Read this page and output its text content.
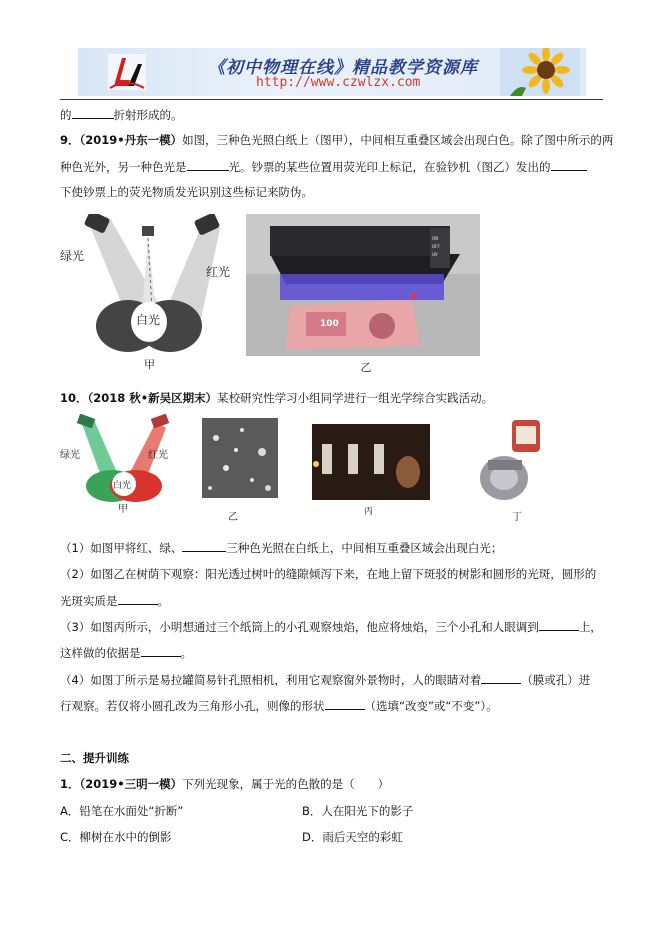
《初中物理在线》精品教学资源库
http://www.czwlzx.com
的	折射形成的。
9．（2019•丹东一模）如图，三种色光照白纸上（图甲），中间相互重叠区域会出现白色。除了图中所示的两
种色光外，另一种色光是	光。钞票的某些位置用荧光印上标记，在验钞机（图乙）发出的
下使钞票上的荧光物质发光识别这些标记来防伪。
绿光
红光
白光
甲
ON
OFF
UV
100
乙
10．（2018 秋•新吴区期末）某校研究性学习小组同学进行一组光学综合实践活动。
绿光	红光
白光
甲
乙	丙	丁
（1）如图甲将红、绿、	三种色光照在白纸上，中间相互重叠区域会出现白光；
（2）如图乙在树荫下观察：阳光透过树叶的缝隙倾泻下来，在地上留下斑驳的树影和圆形的光斑，圆形的
光斑实质是	。
（3）如图丙所示，小明想通过三个纸筒上的小孔观察烛焰，他应将烛焰，三个小孔和人眼调到	上，
这样做的依据是	。
（4）如图丁所示是易拉罐简易针孔照相机，利用它观察窗外景物时，人的眼睛对着	（膜或孔）进
行观察。若仅将小圆孔改为三角形小孔，则像的形状	（选填“改变”或“不变”）。
二、提升训练
1．（2019•三明一模）下列光现象，属于光的色散的是（　　）
A．铅笔在水面处“折断”	B．人在阳光下的影子
C．柳树在水中的倒影	D．雨后天空的彩虹
